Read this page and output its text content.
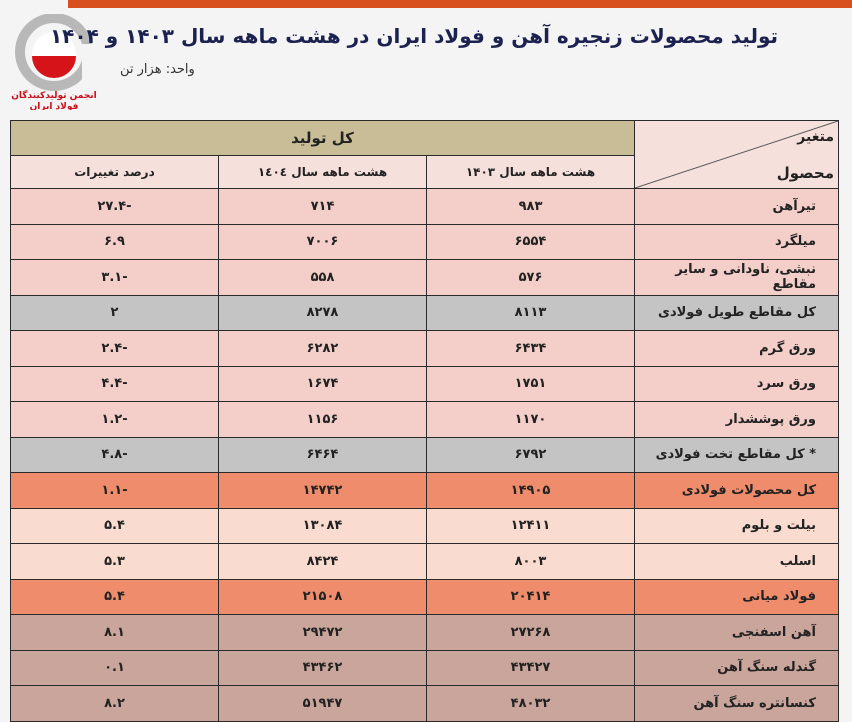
انجمن تولیدکنندگان
فولاد ایران
تولید محصولات زنجیره آهن و فولاد ایران در هشت ماهه سال ۱۴۰۳ و ۱۴۰۴
واحد: هزار تن
متغیر
محصول	کل تولید		
	هشت ماهه سال ۱۴۰۳	هشت ماهه سال ۱٤۰٤	درصد تغییرات
تیرآهن	۹۸۳	۷۱۴	-۲۷.۴
میلگرد	۶۵۵۴	۷۰۰۶	۶.۹
نبشی، ناودانی و سایر مقاطع	۵۷۶	۵۵۸	-۳.۱
کل مقاطع طویل فولادی	۸۱۱۳	۸۲۷۸	۲
ورق گرم	۶۴۳۴	۶۲۸۲	-۲.۴
ورق سرد	۱۷۵۱	۱۶۷۴	-۴.۴
ورق پوششدار	۱۱۷۰	۱۱۵۶	-۱.۲
* کل مقاطع تخت فولادی	۶۷۹۲	۶۴۶۴	-۴.۸
کل محصولات فولادی	۱۴۹۰۵	۱۴۷۴۲	-۱.۱
بیلت و بلوم	۱۲۴۱۱	۱۳۰۸۴	۵.۴
اسلب	۸۰۰۳	۸۴۲۴	۵.۳
فولاد میانی	۲۰۴۱۴	۲۱۵۰۸	۵.۴
آهن اسفنجی	۲۷۲۶۸	۲۹۴۷۲	۸.۱
گندله سنگ آهن	۴۳۴۲۷	۴۳۴۶۲	۰.۱
کنسانتره سنگ آهن	۴۸۰۳۲	۵۱۹۴۷	۸.۲
